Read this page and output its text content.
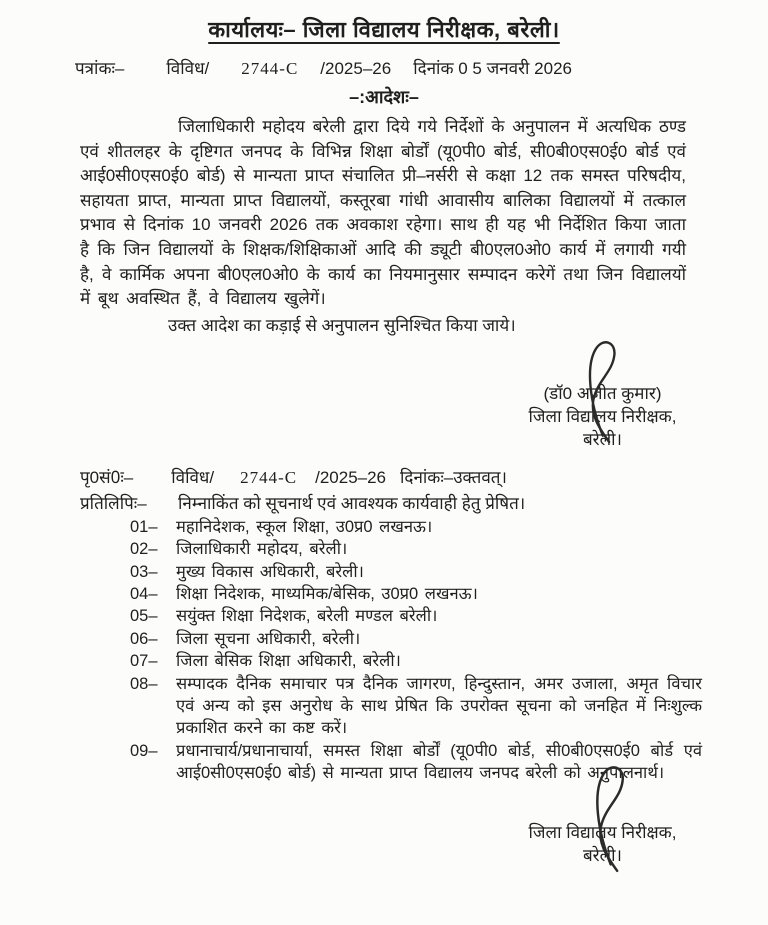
कार्यालयः– जिला विद्यालय निरीक्षक, बरेली।
पत्रांकः– विविध/ 2744-C /2025–26 दिनांक 0 5 जनवरी 2026
–:आदेशः–

जिलाधिकारी महोदय बरेली द्वारा दिये गये निर्देशों के अनुपालन में अत्यधिक ठण्ड एवं शीतलहर के दृष्टिगत जनपद के विभिन्न शिक्षा बोर्डों (यू0पी0 बोर्ड, सी0बी0एस0ई0 बोर्ड एवं आई0सी0एस0ई0 बोर्ड) से मान्यता प्राप्त संचालित प्री–नर्सरी से कक्षा 12 तक समस्त परिषदीय, सहायता प्राप्त, मान्यता प्राप्त विद्यालयों, कस्तूरबा गांधी आवासीय बालिका विद्यालयों में तत्काल प्रभाव से दिनांक 10 जनवरी 2026 तक अवकाश रहेगा। साथ ही यह भी निर्देशित किया जाता है कि जिन विद्यालयों के शिक्षक/शिक्षिकाओं आदि की ड्यूटी बी0एल0ओ0 कार्य में लगायी गयी है, वे कार्मिक अपना बी0एल0ओ0 के कार्य का नियमानुसार सम्पादन करेगें तथा जिन विद्यालयों में बूथ अवस्थित हैं, वे विद्यालय खुलेगें।

उक्त आदेश का कड़ाई से अनुपालन सुनिश्चित किया जाये।
(डॉ0 अजीत कुमार)
जिला विद्यालय निरीक्षक,
बरेली।
पृ0सं0ः– विविध/ 2744-C /2025–26 दिनांकः–उक्तवत्।
प्रतिलिपिः–	निम्नाकिंत को सूचनार्थ एवं आवश्यक कार्यवाही हेतु प्रेषित।
01–	महानिदेशक, स्कूल शिक्षा, उ0प्र0 लखनऊ।
02–	जिलाधिकारी महोदय, बरेली।
03–	मुख्य विकास अधिकारी, बरेली।
04–	शिक्षा निदेशक, माध्यमिक/बेसिक, उ0प्र0 लखनऊ।
05–	सयुंक्त शिक्षा निदेशक, बरेली मण्डल बरेली।
06–	जिला सूचना अधिकारी, बरेली।
07–	जिला बेसिक शिक्षा अधिकारी, बरेली।
08–	सम्पादक दैनिक समाचार पत्र दैनिक जागरण, हिन्दुस्तान, अमर उजाला, अमृत विचार एवं अन्य को इस अनुरोध के साथ प्रेषित कि उपरोक्त सूचना को जनहित में निःशुल्क प्रकाशित करने का कष्ट करें।
09–	प्रधानाचार्य/प्रधानाचार्या, समस्त शिक्षा बोर्डों (यू0पी0 बोर्ड, सी0बी0एस0ई0 बोर्ड एवं आई0सी0एस0ई0 बोर्ड) से मान्यता प्राप्त विद्यालय जनपद बरेली को अनुपालनार्थ।
जिला विद्यालय निरीक्षक,
बरेली।
